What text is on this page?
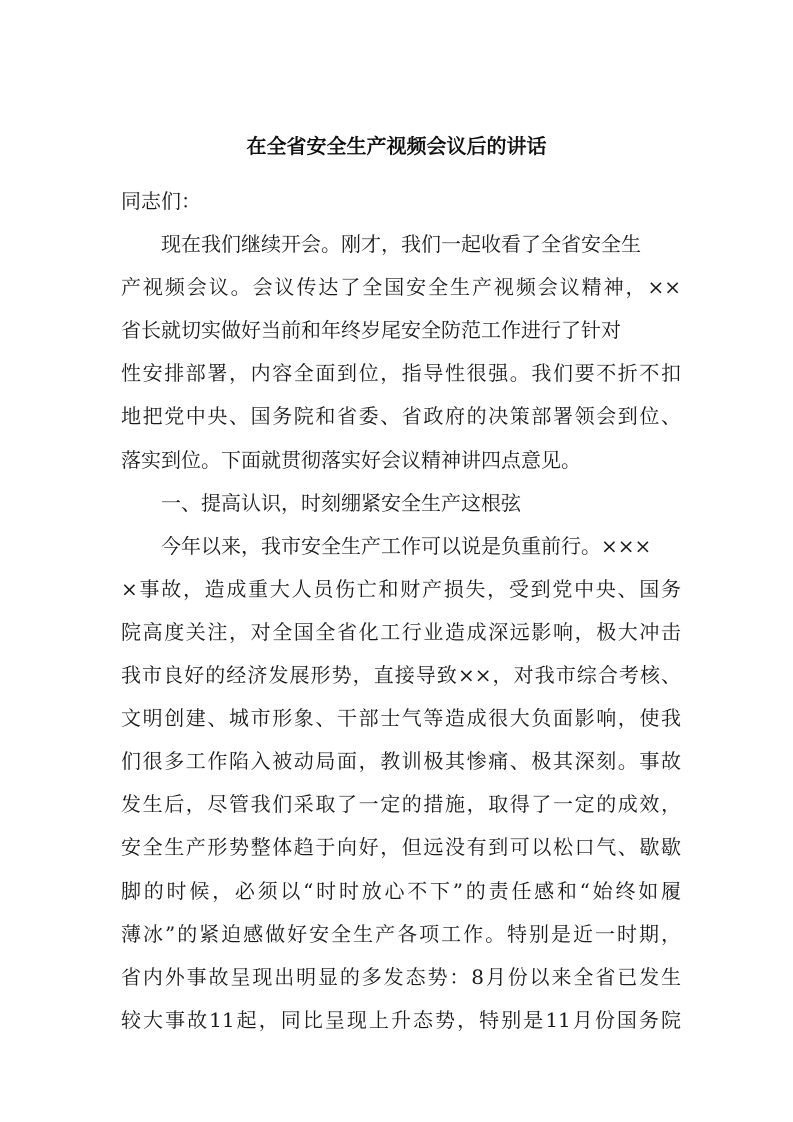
在全省安全生产视频会议后的讲话
同志们：
现在我们继续开会。刚才，我们一起收看了全省安全生
产视频会议。会议传达了全国安全生产视频会议精神，××
省长就切实做好当前和年终岁尾安全防范工作进行了针对
性安排部署，内容全面到位，指导性很强。我们要不折不扣
地把党中央、国务院和省委、省政府的决策部署领会到位、
落实到位。下面就贯彻落实好会议精神讲四点意见。
一、提高认识，时刻绷紧安全生产这根弦
今年以来，我市安全生产工作可以说是负重前行。×××
×事故，造成重大人员伤亡和财产损失，受到党中央、国务
院高度关注，对全国全省化工行业造成深远影响，极大冲击
我市良好的经济发展形势，直接导致××，对我市综合考核、
文明创建、城市形象、干部士气等造成很大负面影响，使我
们很多工作陷入被动局面，教训极其惨痛、极其深刻。事故
发生后，尽管我们采取了一定的措施，取得了一定的成效，
安全生产形势整体趋于向好，但远没有到可以松口气、歇歇
脚的时候，必须以“时时放心不下”的责任感和“始终如履
薄冰”的紧迫感做好安全生产各项工作。特别是近一时期，
省内外事故呈现出明显的多发态势：8月份以来全省已发生
较大事故11起，同比呈现上升态势，特别是11月份国务院
